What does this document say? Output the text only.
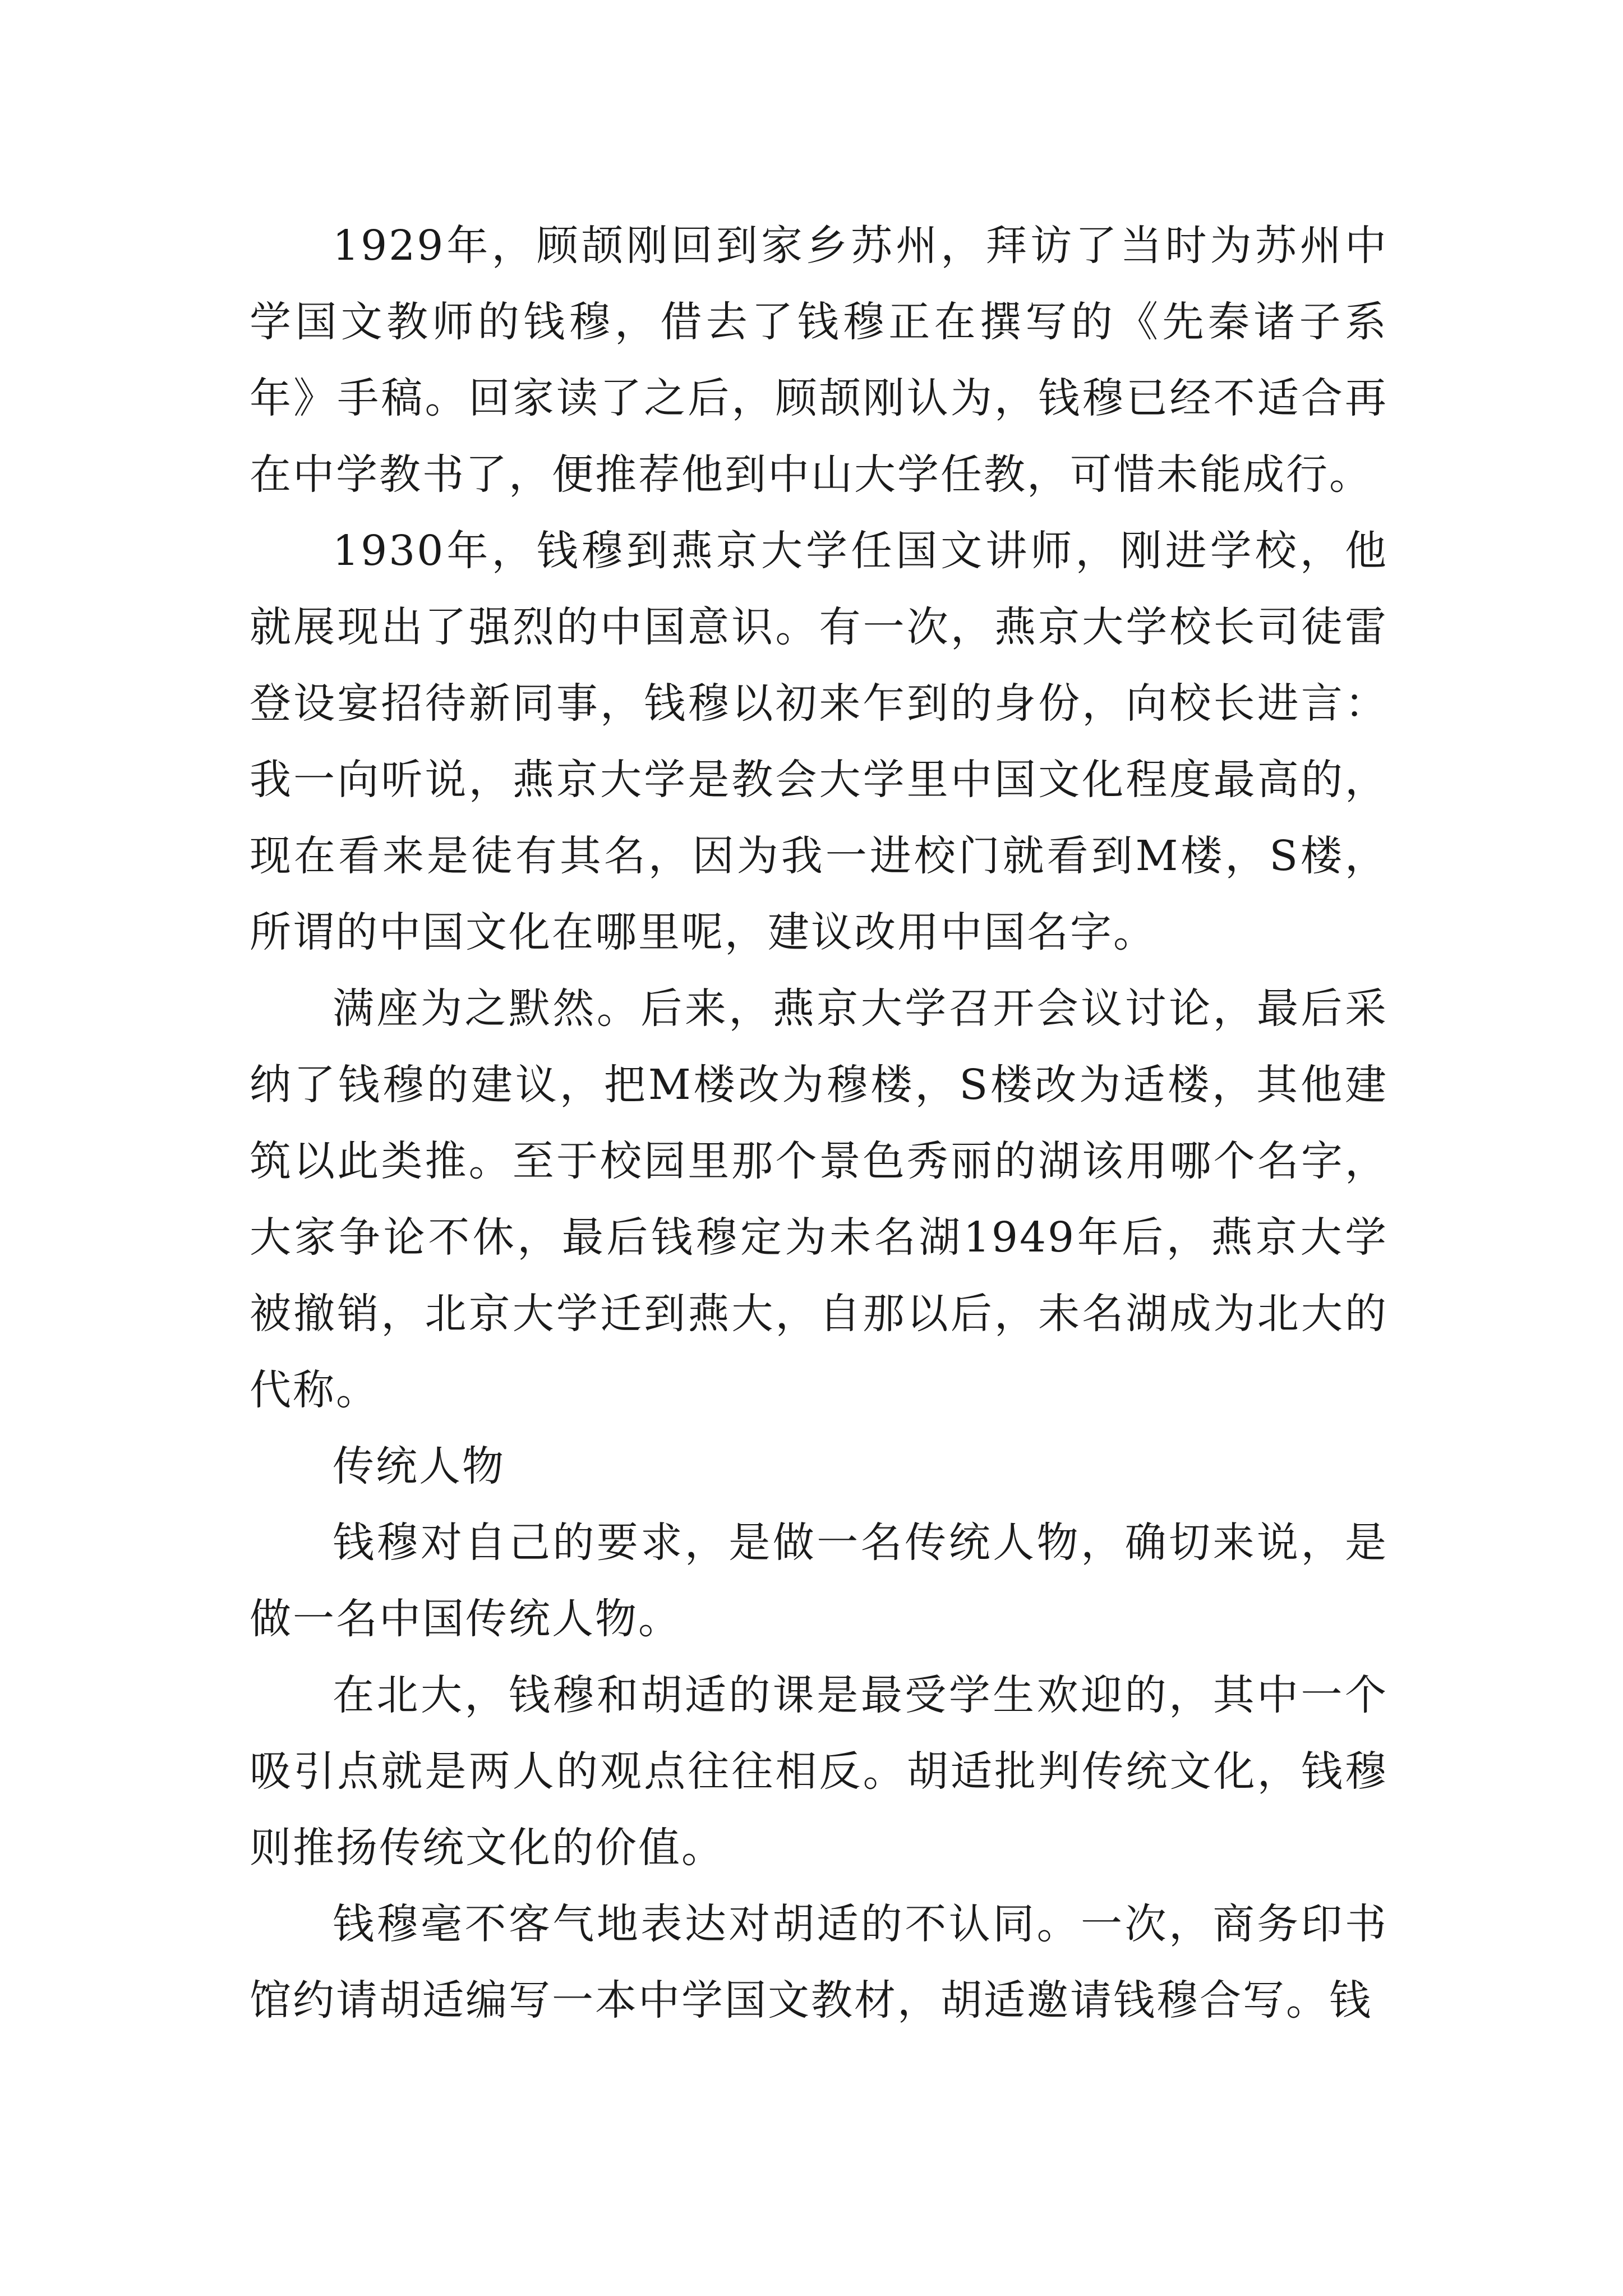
1929年，顾颉刚回到家乡苏州，拜访了当时为苏州中学国文教师的钱穆，借去了钱穆正在撰写的《先秦诸子系年》手稿。回家读了之后，顾颉刚认为，钱穆已经不适合再在中学教书了，便推荐他到中山大学任教，可惜未能成行。

1930年，钱穆到燕京大学任国文讲师，刚进学校，他就展现出了强烈的中国意识。有一次，燕京大学校长司徒雷登设宴招待新同事，钱穆以初来乍到的身份，向校长进言：我一向听说，燕京大学是教会大学里中国文化程度最高的，现在看来是徒有其名，因为我一进校门就看到M楼，S楼，所谓的中国文化在哪里呢，建议改用中国名字。

满座为之默然。后来，燕京大学召开会议讨论，最后采纳了钱穆的建议，把M楼改为穆楼，S楼改为适楼，其他建筑以此类推。至于校园里那个景色秀丽的湖该用哪个名字，大家争论不休，最后钱穆定为未名湖1949年后，燕京大学被撤销，北京大学迁到燕大，自那以后，未名湖成为北大的代称。

传统人物

钱穆对自己的要求，是做一名传统人物，确切来说，是做一名中国传统人物。

在北大，钱穆和胡适的课是最受学生欢迎的，其中一个吸引点就是两人的观点往往相反。胡适批判传统文化，钱穆则推扬传统文化的价值。

钱穆毫不客气地表达对胡适的不认同。一次，商务印书馆约请胡适编写一本中学国文教材，胡适邀请钱穆合写。钱
